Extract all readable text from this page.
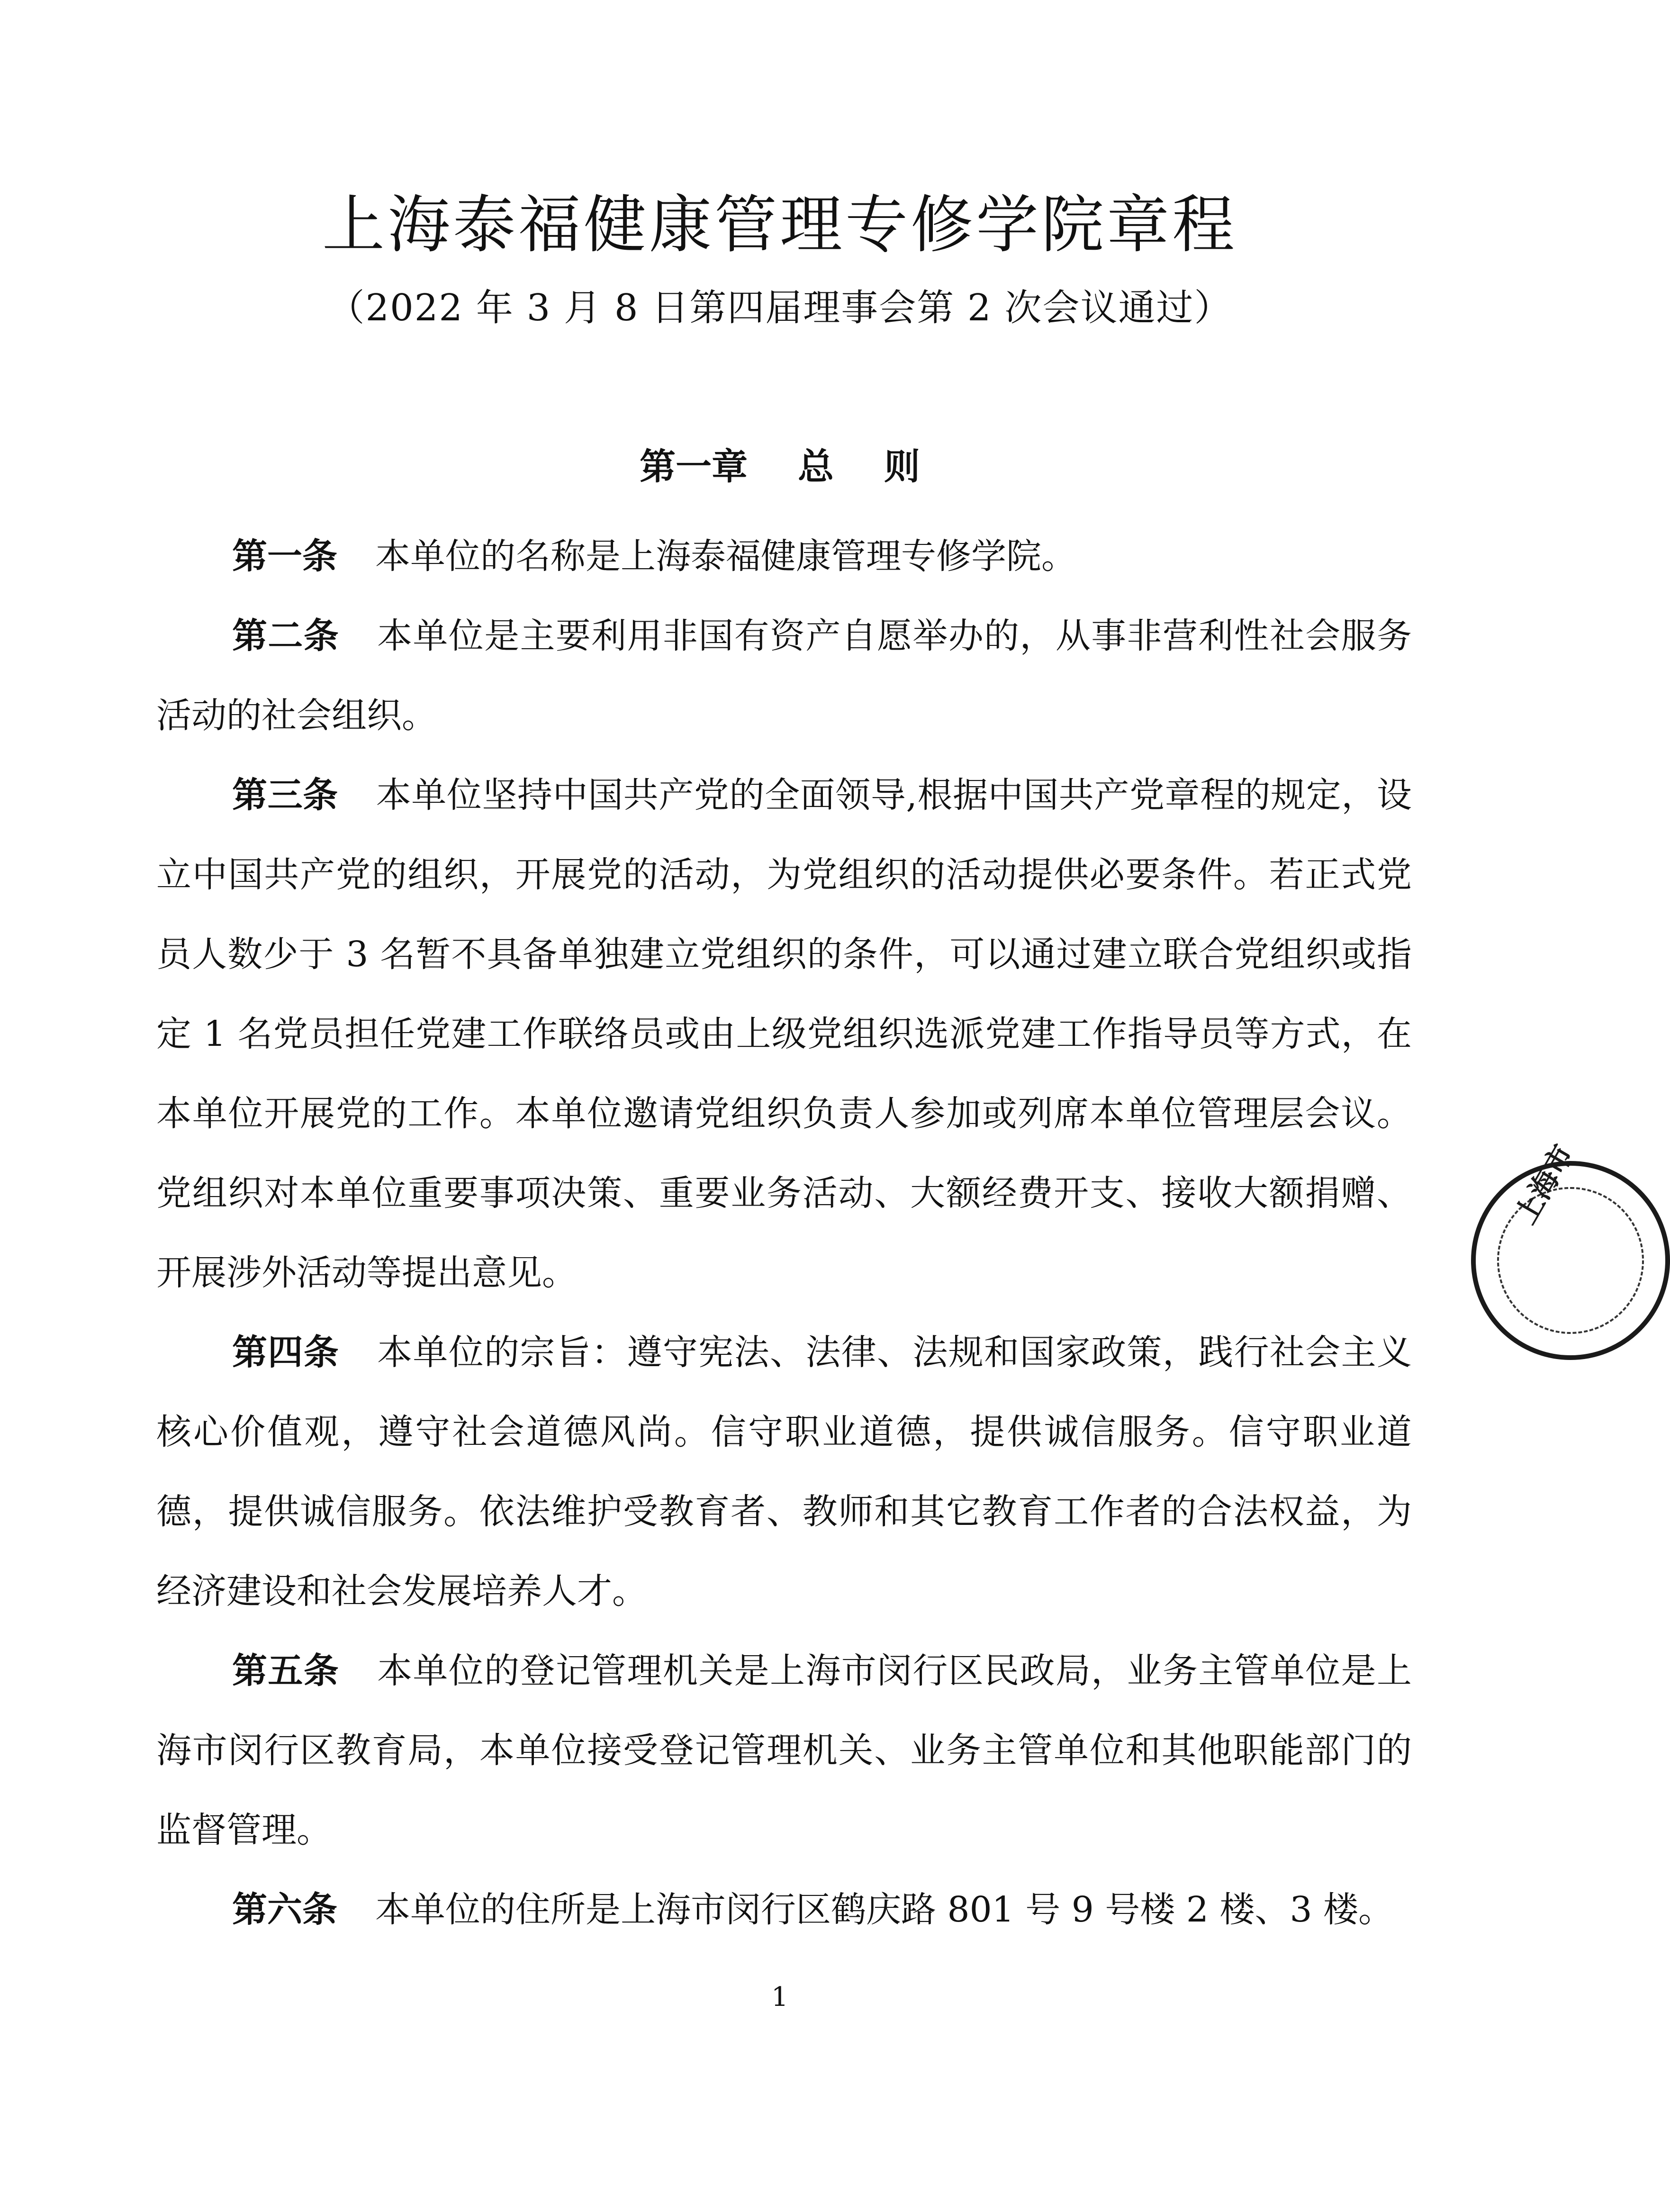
上海泰福健康管理专修学院章程
（2022 年 3 月 8 日第四届理事会第 2 次会议通过）
第一章    总    则

第一条 本单位的名称是上海泰福健康管理专修学院。

第二条 本单位是主要利用非国有资产自愿举办的，从事非营利性社会服务活动的社会组织。

第三条 本单位坚持中国共产党的全面领导,根据中国共产党章程的规定，设立中国共产党的组织，开展党的活动，为党组织的活动提供必要条件。若正式党员人数少于 3 名暂不具备单独建立党组织的条件，可以通过建立联合党组织或指定 1 名党员担任党建工作联络员或由上级党组织选派党建工作指导员等方式，在本单位开展党的工作。本单位邀请党组织负责人参加或列席本单位管理层会议。党组织对本单位重要事项决策、重要业务活动、大额经费开支、接收大额捐赠、开展涉外活动等提出意见。

第四条 本单位的宗旨：遵守宪法、法律、法规和国家政策，践行社会主义核心价值观，遵守社会道德风尚。信守职业道德，提供诚信服务。信守职业道德，提供诚信服务。依法维护受教育者、教师和其它教育工作者的合法权益，为经济建设和社会发展培养人才。

第五条 本单位的登记管理机关是上海市闵行区民政局，业务主管单位是上海市闵行区教育局，本单位接受登记管理机关、业务主管单位和其他职能部门的监督管理。

第六条 本单位的住所是上海市闵行区鹤庆路 801 号 9 号楼 2 楼、3 楼。

上海市
1
